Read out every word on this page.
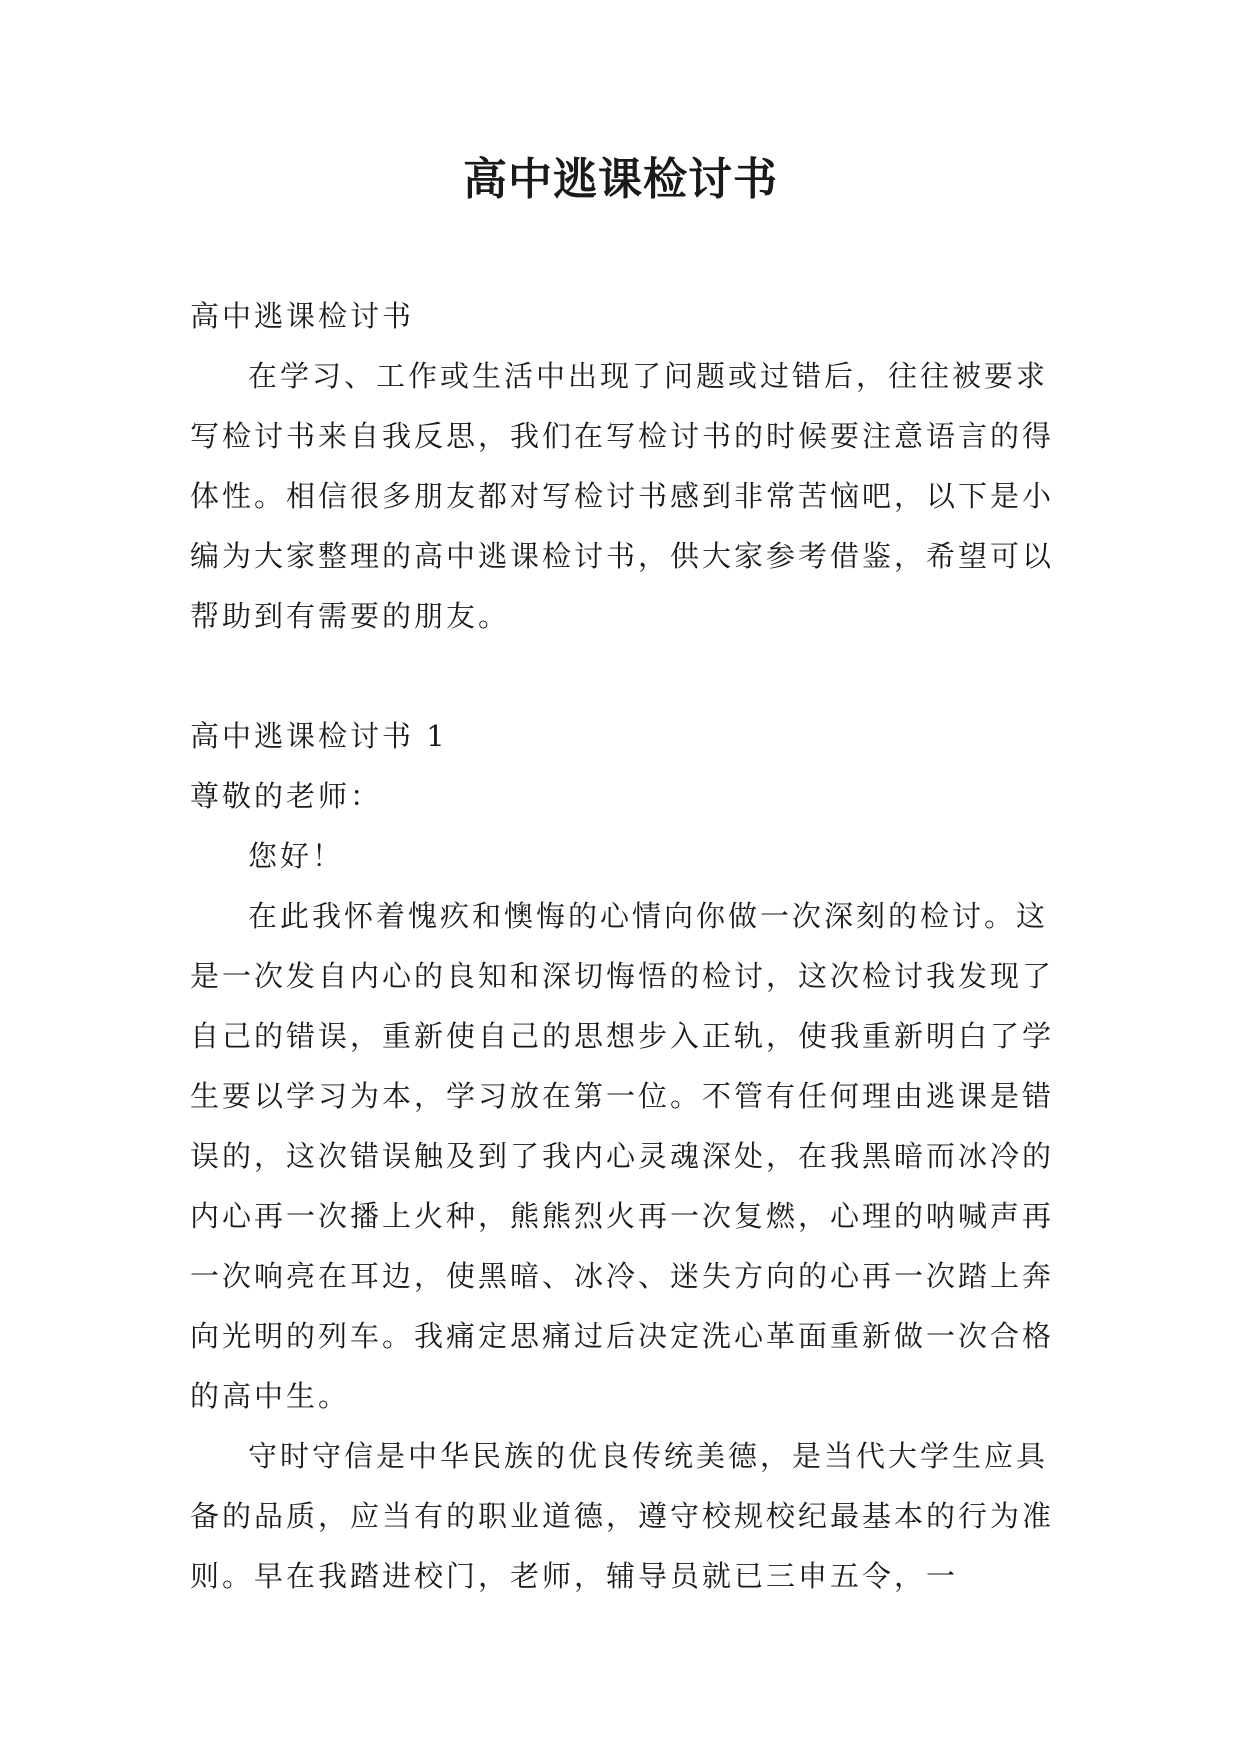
高中逃课检讨书

高中逃课检讨书

在学习、工作或生活中出现了问题或过错后，往往被要求写检讨书来自我反思，我们在写检讨书的时候要注意语言的得体性。相信很多朋友都对写检讨书感到非常苦恼吧，以下是小编为大家整理的高中逃课检讨书，供大家参考借鉴，希望可以帮助到有需要的朋友。

高中逃课检讨书 1

尊敬的老师：

您好！

在此我怀着愧疚和懊悔的心情向你做一次深刻的检讨。这是一次发自内心的良知和深切悔悟的检讨，这次检讨我发现了自己的错误，重新使自己的思想步入正轨，使我重新明白了学生要以学习为本，学习放在第一位。不管有任何理由逃课是错误的，这次错误触及到了我内心灵魂深处，在我黑暗而冰冷的内心再一次播上火种，熊熊烈火再一次复燃，心理的呐喊声再一次响亮在耳边，使黑暗、冰冷、迷失方向的心再一次踏上奔向光明的列车。我痛定思痛过后决定洗心革面重新做一次合格的高中生。

守时守信是中华民族的优良传统美德，是当代大学生应具备的品质，应当有的职业道德，遵守校规校纪最基本的行为准则。早在我踏进校门，老师，辅导员就已三申五令，一
